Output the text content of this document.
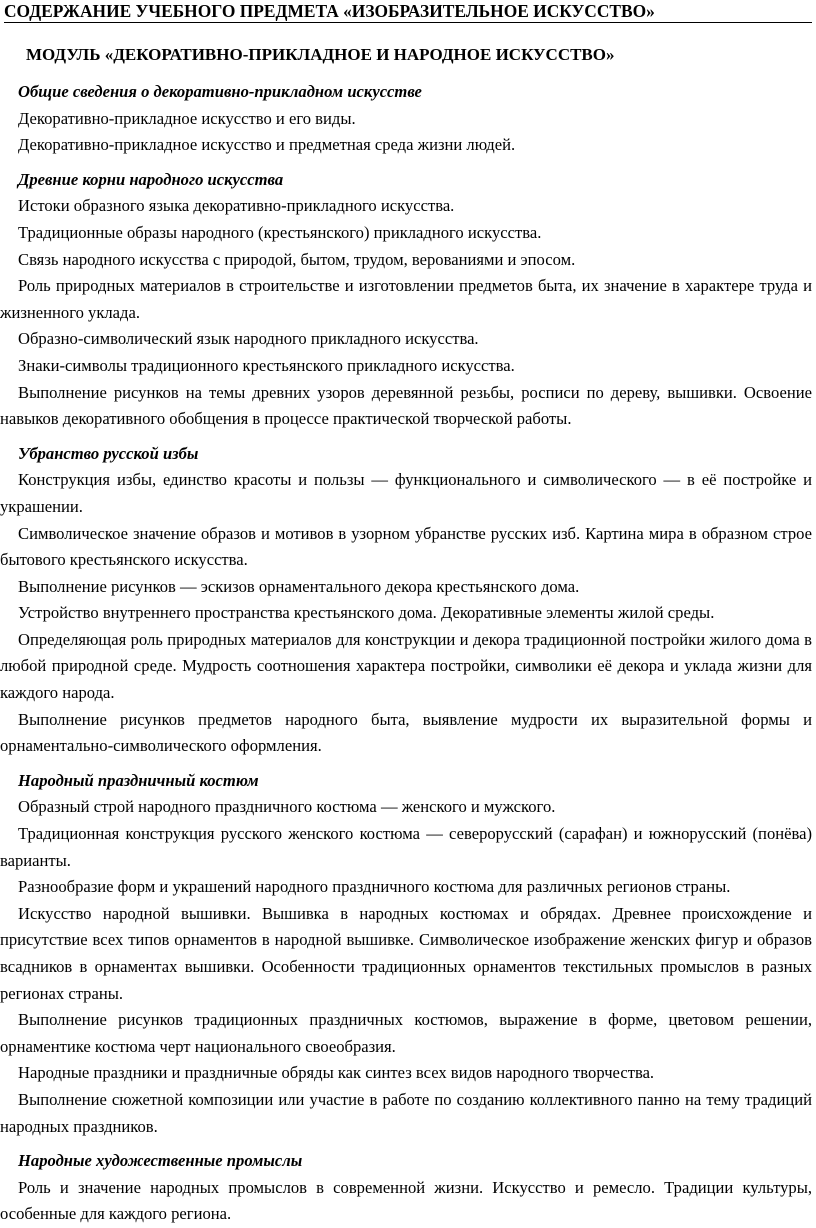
СОДЕРЖАНИЕ УЧЕБНОГО ПРЕДМЕТА «ИЗОБРАЗИТЕЛЬНОЕ ИСКУССТВО»
МОДУЛЬ «ДЕКОРАТИВНО-ПРИКЛАДНОЕ И НАРОДНОЕ ИСКУССТВО»

Общие сведения о декоративно-прикладном искусстве

Декоративно-прикладное искусство и его виды.

Декоративно-прикладное искусство и предметная среда жизни людей.

Древние корни народного искусства

Истоки образного языка декоративно-прикладного искусства.

Традиционные образы народного (крестьянского) прикладного искусства.

Связь народного искусства с природой, бытом, трудом, верованиями и эпосом.

Роль природных материалов в строительстве и изготовлении предметов быта, их значение в характере труда и жизненного уклада.

Образно-символический язык народного прикладного искусства.

Знаки-символы традиционного крестьянского прикладного искусства.

Выполнение рисунков на темы древних узоров деревянной резьбы, росписи по дереву, вышивки. Освоение навыков декоративного обобщения в процессе практической творческой работы.

Убранство русской избы

Конструкция избы, единство красоты и пользы — функционального и символического — в её постройке и украшении.

Символическое значение образов и мотивов в узорном убранстве русских изб. Картина мира в образном строе бытового крестьянского искусства.

Выполнение рисунков — эскизов орнаментального декора крестьянского дома.

Устройство внутреннего пространства крестьянского дома. Декоративные элементы жилой среды.

Определяющая роль природных материалов для конструкции и декора традиционной постройки жилого дома в любой природной среде. Мудрость соотношения характера постройки, символики её декора и уклада жизни для каждого народа.

Выполнение рисунков предметов народного быта, выявление мудрости их выразительной формы и орнаментально-символического оформления.

Народный праздничный костюм

Образный строй народного праздничного костюма — женского и мужского.

Традиционная конструкция русского женского костюма — северорусский (сарафан) и южнорусский (понёва) варианты.

Разнообразие форм и украшений народного праздничного костюма для различных регионов страны.

Искусство народной вышивки. Вышивка в народных костюмах и обрядах. Древнее происхождение и присутствие всех типов орнаментов в народной вышивке. Символическое изображение женских фигур и образов всадников в орнаментах вышивки. Особенности традиционных орнаментов текстильных промыслов в разных регионах страны.

Выполнение рисунков традиционных праздничных костюмов, выражение в форме, цветовом решении, орнаментике костюма черт национального своеобразия.

Народные праздники и праздничные обряды как синтез всех видов народного творчества.

Выполнение сюжетной композиции или участие в работе по созданию коллективного панно на тему традиций народных праздников.

Народные художественные промыслы

Роль и значение народных промыслов в современной жизни. Искусство и ремесло. Традиции культуры, особенные для каждого региона.
